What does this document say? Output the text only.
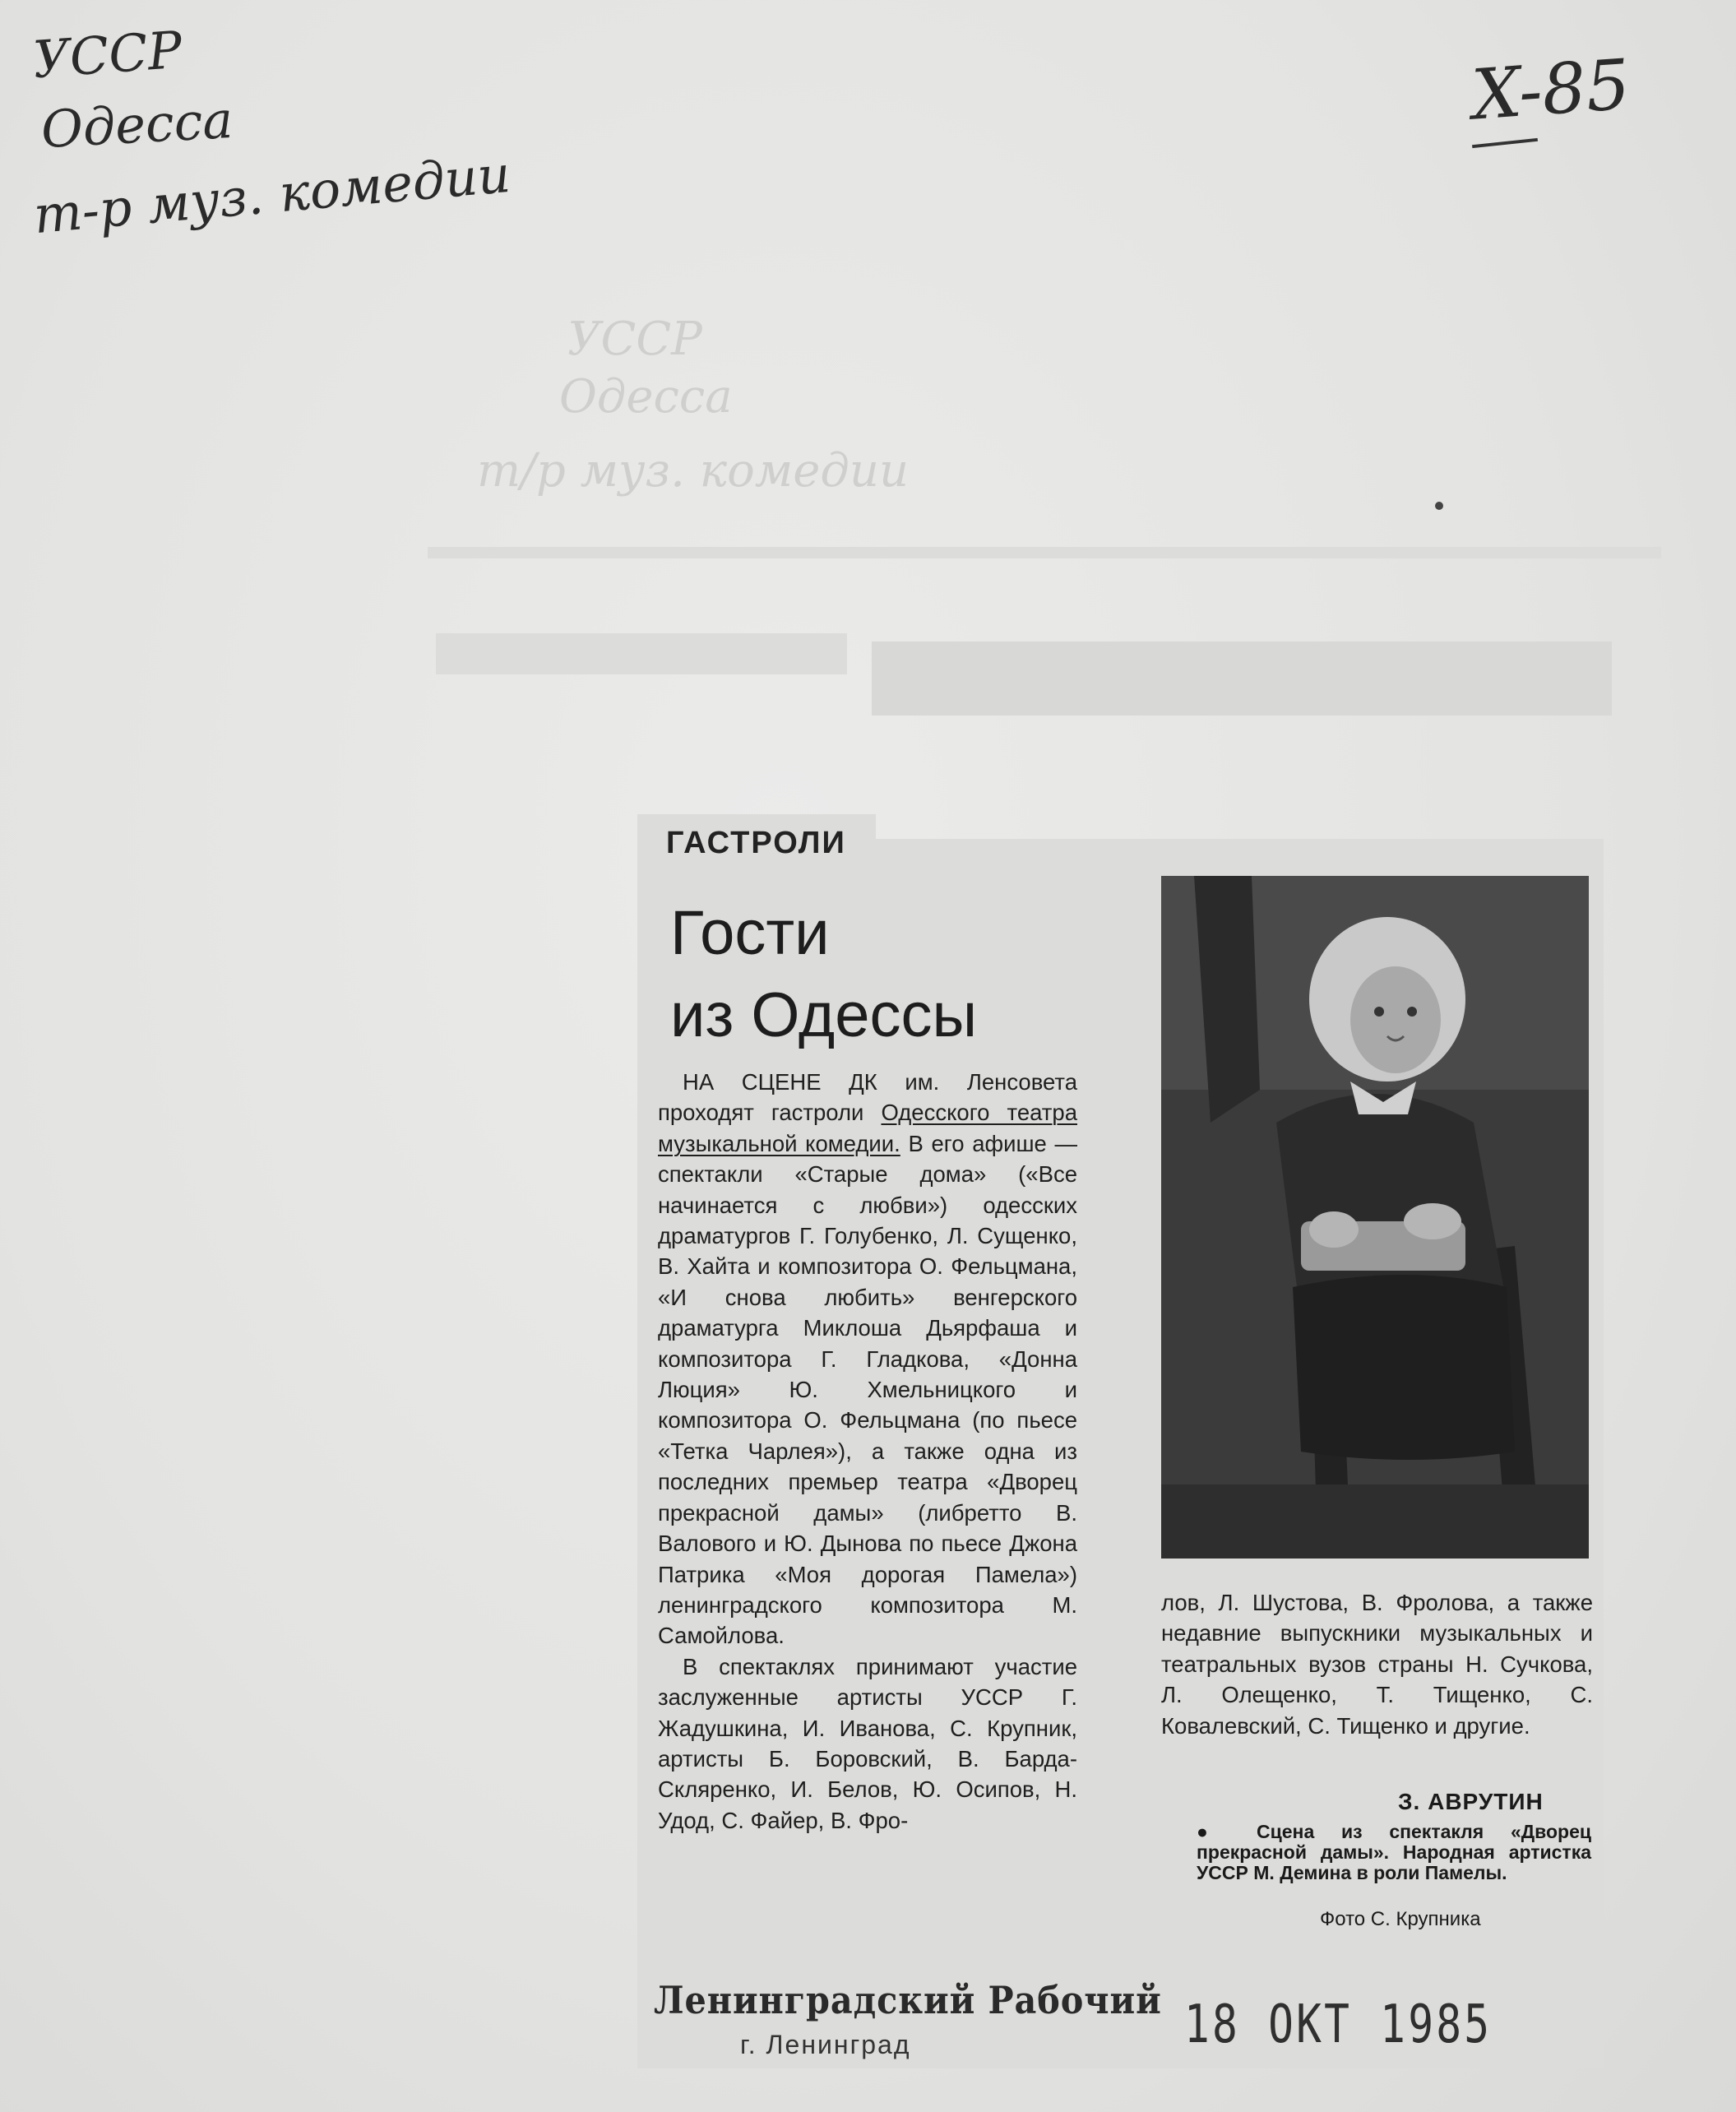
УССР
Одесса
т/р муз. комедии
УССР
Одесса
т-р муз. комедии
X-85
ГАСТРОЛИ
Гости
из Одессы

НА СЦЕНЕ ДК им. Ленсовета проходят гастроли Одесского театра музыкальной комедии. В его афише — спектакли «Старые дома» («Все начинается с любви») одесских драматургов Г. Голубенко, Л. Сущенко, В. Хайта и композитора О. Фельцмана, «И снова любить» венгерского драматурга Миклоша Дьярфаша и композитора Г. Гладкова, «Донна Люция» Ю. Хмельницкого и композитора О. Фельцмана (по пьесе «Тетка Чарлея»), а также одна из последних премьер театра «Дворец прекрасной дамы» (либретто В. Валового и Ю. Дынова по пьесе Джона Патрика «Моя дорогая Памела») ленинградского композитора М. Самойлова.

В спектаклях принимают участие заслуженные артисты УССР Г. Жадушкина, И. Иванова, С. Крупник, артисты Б. Боровский, В. Барда-Скляренко, И. Белов, Ю. Осипов, Н. Удод, С. Файер, В. Фро-

лов, Л. Шустова, В. Фролова, а также недавние выпускники музыкальных и театральных вузов страны Н. Сучкова, Л. Олещенко, Т. Тищенко, С. Ковалевский, С. Тищенко и другие.

З. АВРУТИН
● Сцена из спектакля «Дворец прекрасной дамы». Народная артистка УССР М. Демина в роли Памелы.
Фото С. Крупника
Ленинградский Рабочий
г. Ленинград	18 ОКТ 1985
